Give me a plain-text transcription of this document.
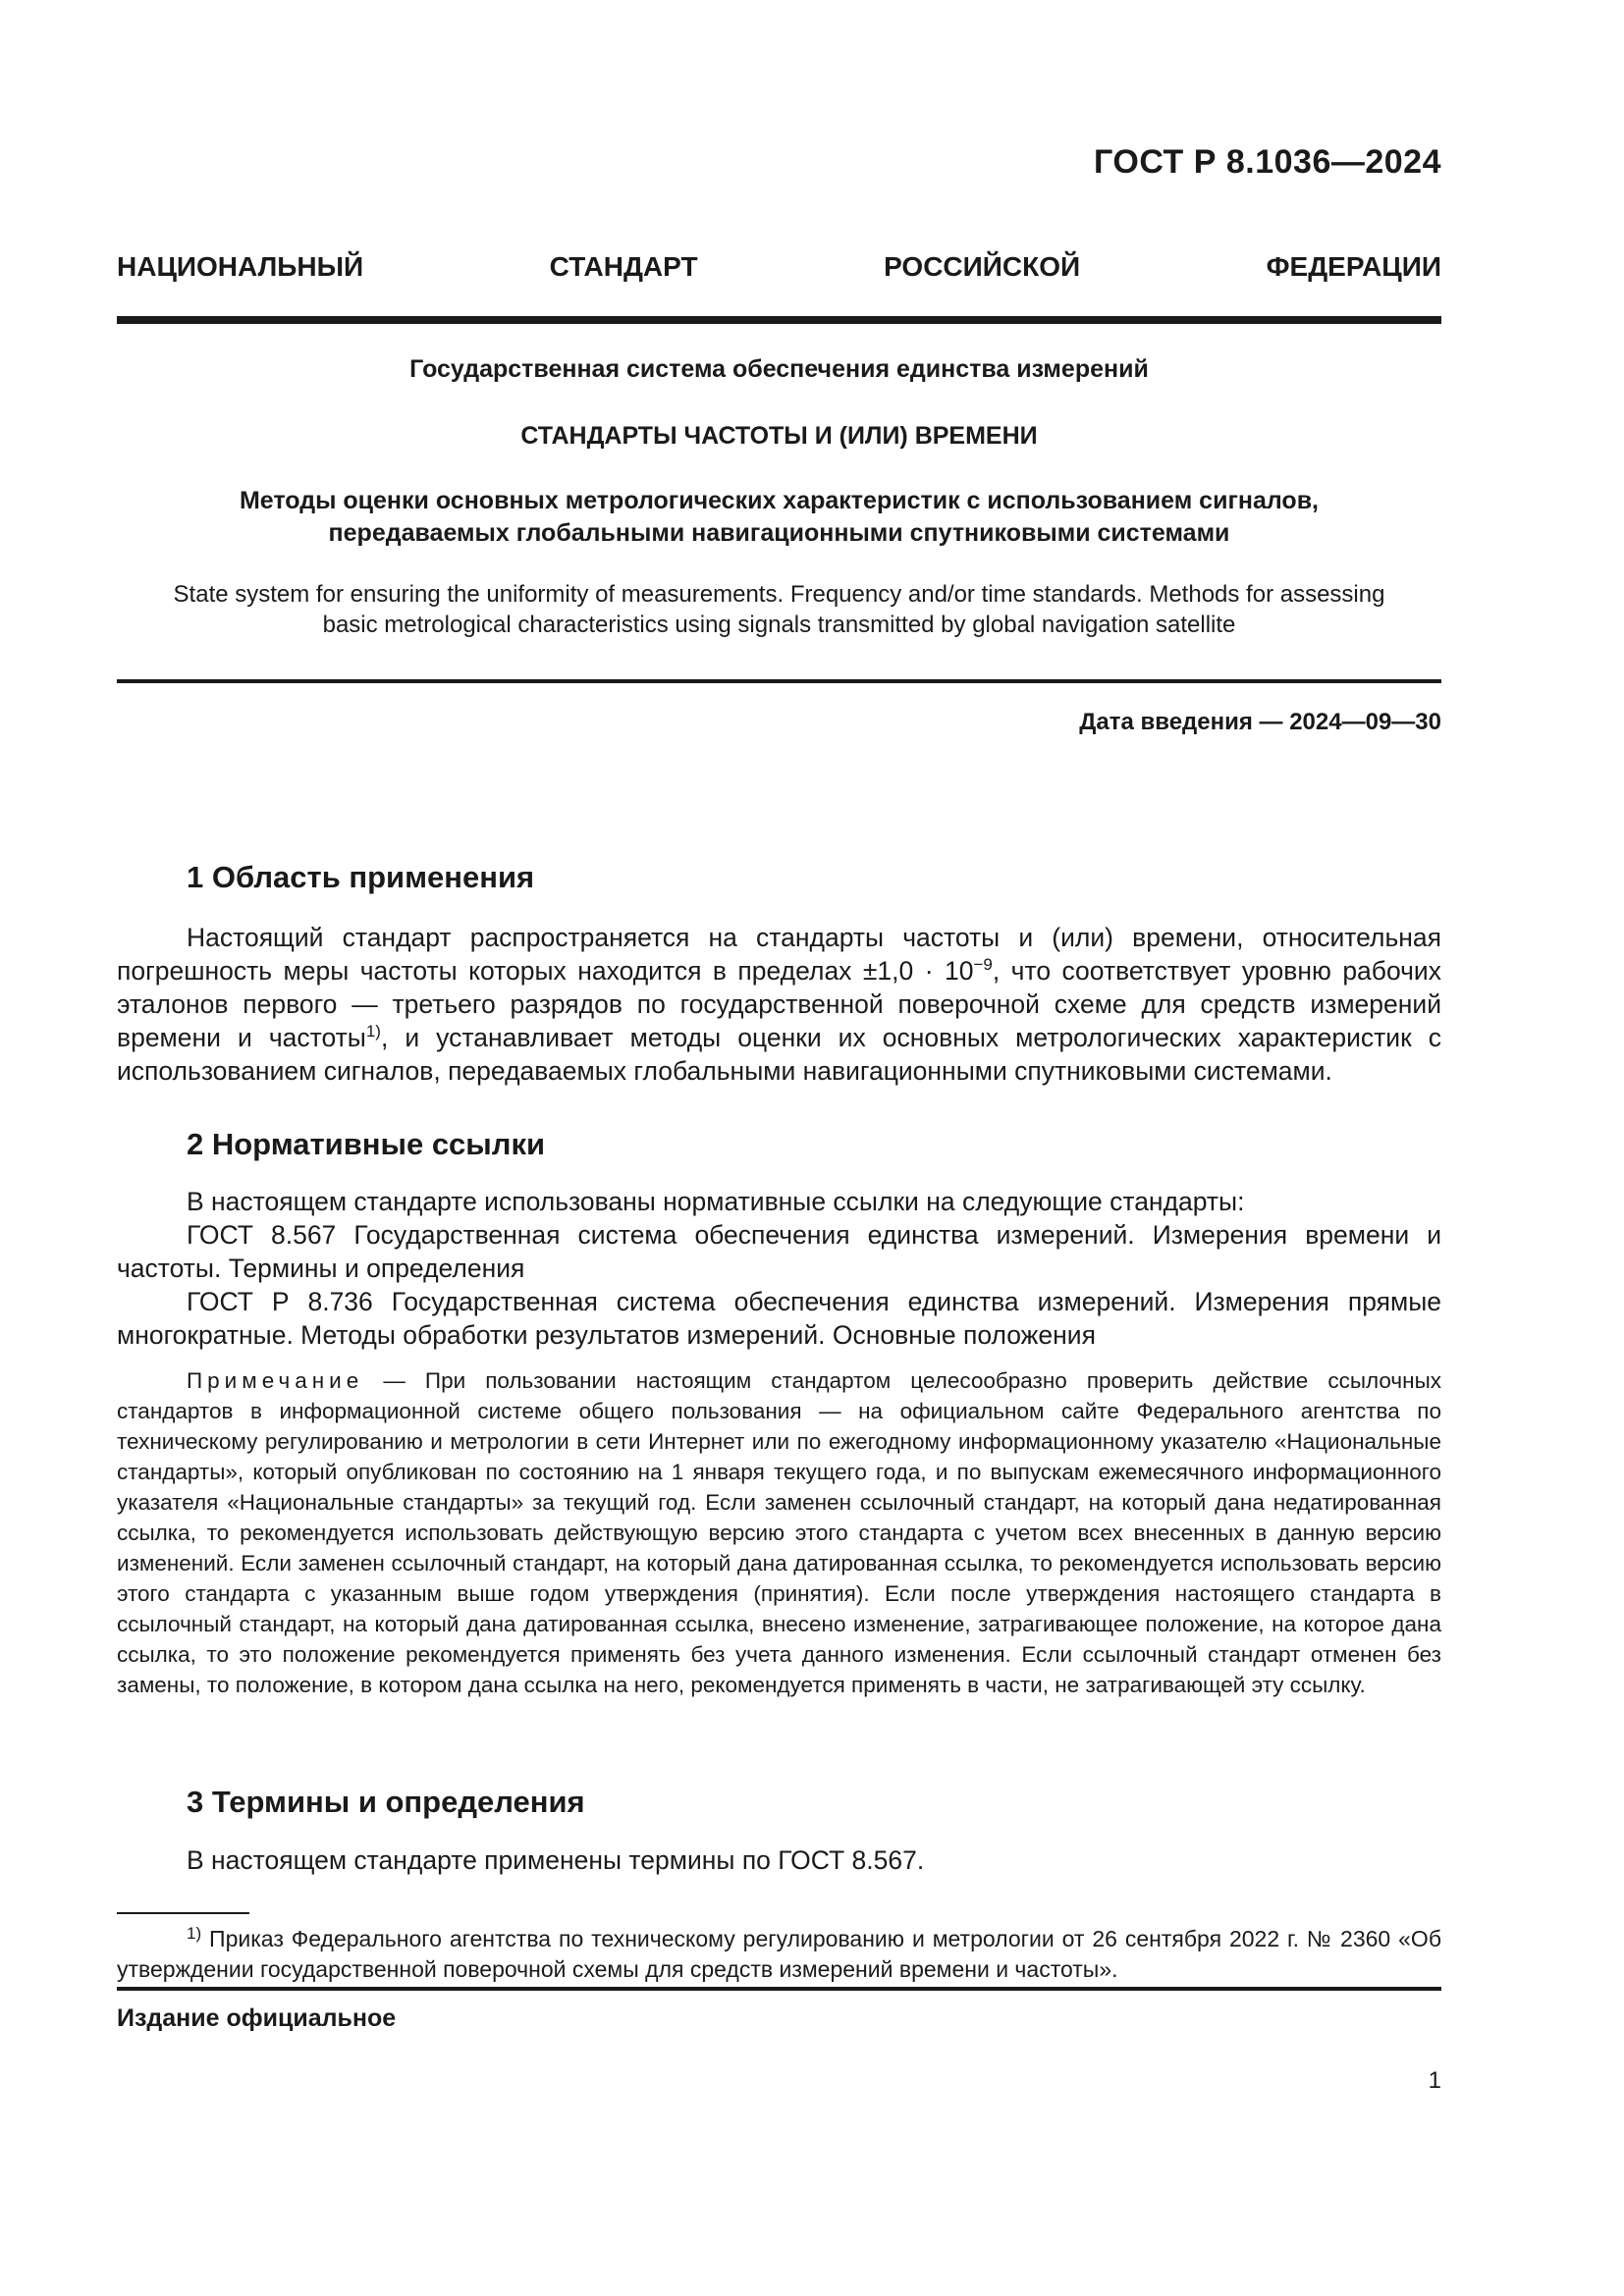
ГОСТ Р 8.1036—2024
НАЦИОНАЛЬНЫЙ СТАНДАРТ РОССИЙСКОЙ ФЕДЕРАЦИИ
Государственная система обеспечения единства измерений
СТАНДАРТЫ ЧАСТОТЫ И (ИЛИ) ВРЕМЕНИ
Методы оценки основных метрологических характеристик с использованием сигналов,
передаваемых глобальными навигационными спутниковыми системами
State system for ensuring the uniformity of measurements. Frequency and/or time standards. Methods for assessing
basic metrological characteristics using signals transmitted by global navigation satellite
Дата введения — 2024—09—30
1 Область применения
Настоящий стандарт распространяется на стандарты частоты и (или) времени, относительная погрешность меры частоты которых находится в пределах $\pm 1,0 \cdot 10^{-9}$, что соответствует уровню рабочих эталонов первого — третьего разрядов по государственной поверочной схеме для средств измерений времени и частоты$^{1)}$, и устанавливает методы оценки их основных метрологических характеристик с использованием сигналов, передаваемых глобальными навигационными спутниковыми системами.
2 Нормативные ссылки
В настоящем стандарте использованы нормативные ссылки на следующие стандарты:
ГОСТ 8.567 Государственная система обеспечения единства измерений. Измерения времени и частоты. Термины и определения
ГОСТ Р 8.736 Государственная система обеспечения единства измерений. Измерения прямые многократные. Методы обработки результатов измерений. Основные положения
Примечание — При пользовании настоящим стандартом целесообразно проверить действие ссылочных стандартов в информационной системе общего пользования — на официальном сайте Федерального агентства по техническому регулированию и метрологии в сети Интернет или по ежегодному информационному указателю «Национальные стандарты», который опубликован по состоянию на 1 января текущего года, и по выпускам ежемесячного информационного указателя «Национальные стандарты» за текущий год. Если заменен ссылочный стандарт, на который дана недатированная ссылка, то рекомендуется использовать действующую версию этого стандарта с учетом всех внесенных в данную версию изменений. Если заменен ссылочный стандарт, на который дана датированная ссылка, то рекомендуется использовать версию этого стандарта с указанным выше годом утверждения (принятия). Если после утверждения настоящего стандарта в ссылочный стандарт, на который дана датированная ссылка, внесено изменение, затрагивающее положение, на которое дана ссылка, то это положение рекомендуется применять без учета данного изменения. Если ссылочный стандарт отменен без замены, то положение, в котором дана ссылка на него, рекомендуется применять в части, не затрагивающей эту ссылку.
3 Термины и определения
В настоящем стандарте применены термины по ГОСТ 8.567.
$^{1)}$ Приказ Федерального агентства по техническому регулированию и метрологии от 26 сентября 2022 г. № 2360 «Об утверждении государственной поверочной схемы для средств измерений времени и частоты».
Издание официальное
1
